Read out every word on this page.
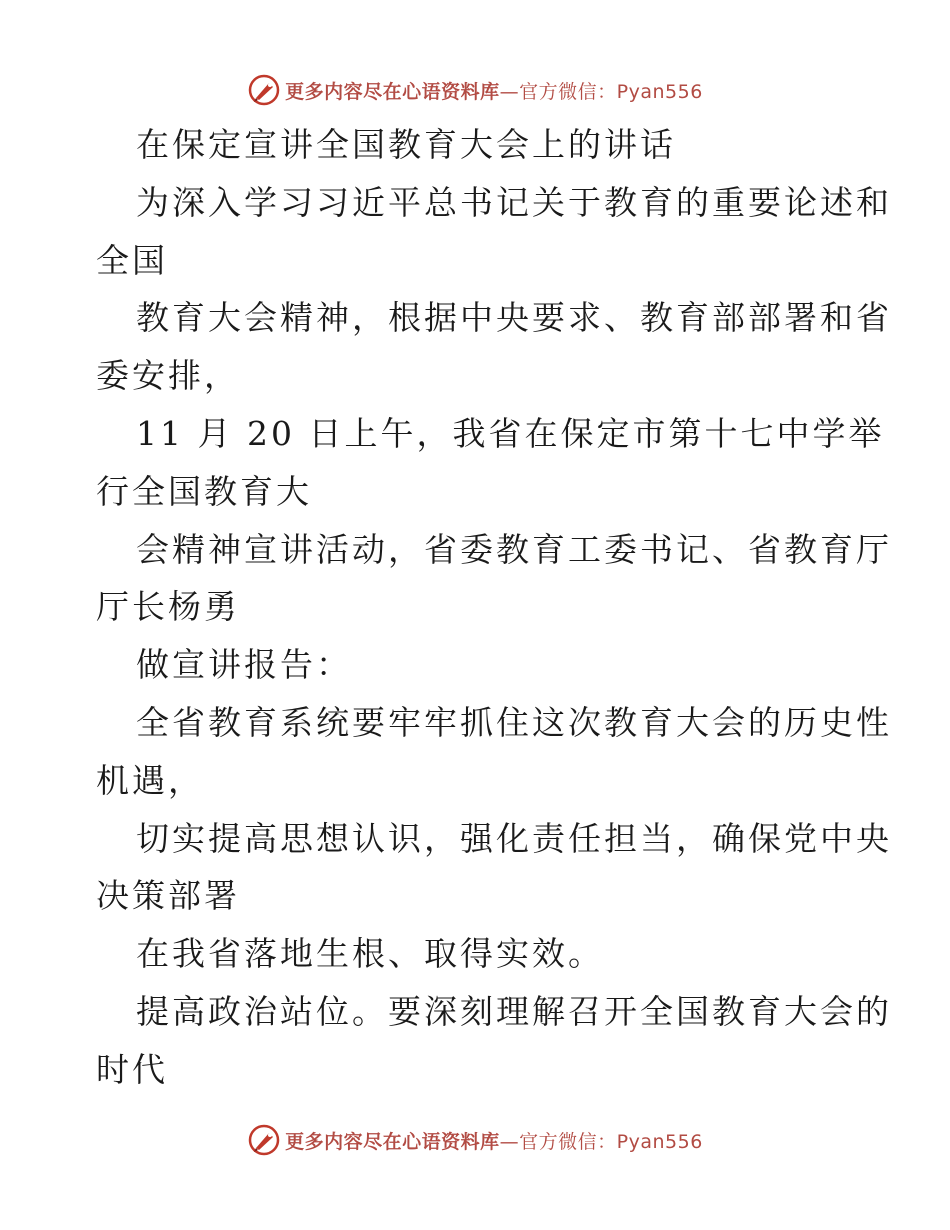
更多内容尽在心语资料库—官方微信：Pyan556
在保定宣讲全国教育大会上的讲话
为深入学习习近平总书记关于教育的重要论述和
全国
教育大会精神，根据中央要求、教育部部署和省
委安排，
11 月 20 日上午，我省在保定市第十七中学举
行全国教育大
会精神宣讲活动，省委教育工委书记、省教育厅
厅长杨勇
做宣讲报告：
全省教育系统要牢牢抓住这次教育大会的历史性
机遇，
切实提高思想认识，强化责任担当，确保党中央
决策部署
在我省落地生根、取得实效。
提高政治站位。要深刻理解召开全国教育大会的
时代
更多内容尽在心语资料库—官方微信：Pyan556
